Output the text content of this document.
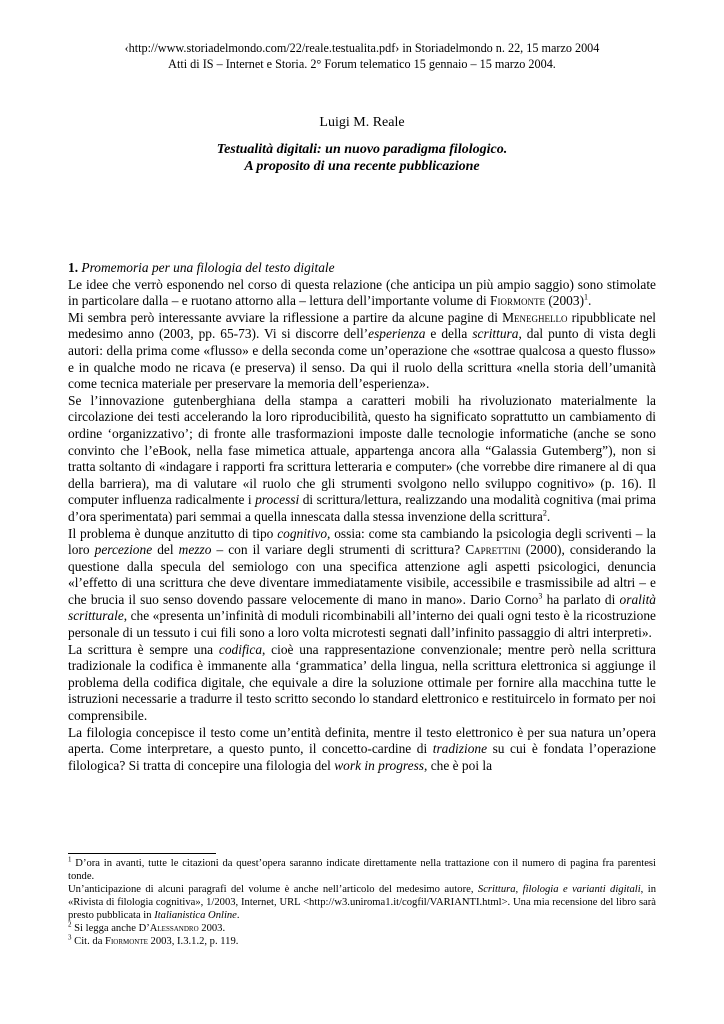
‹http://www.storiadelmondo.com/22/reale.testualita.pdf› in Storiadelmondo n. 22, 15 marzo 2004
Atti di IS – Internet e Storia. 2° Forum telematico 15 gennaio – 15 marzo 2004.
Luigi M. Reale
Testualità digitali: un nuovo paradigma filologico.
A proposito di una recente pubblicazione
1. Promemoria per una filologia del testo digitale

Le idee che verrò esponendo nel corso di questa relazione (che anticipa un più ampio saggio) sono stimolate in particolare dalla – e ruotano attorno alla – lettura dell’importante volume di Fiormonte (2003)$^1$.

Mi sembra però interessante avviare la riflessione a partire da alcune pagine di Meneghello ripubblicate nel medesimo anno (2003, pp. 65-73). Vi si discorre dell’esperienza e della scrittura, dal punto di vista degli autori: della prima come «flusso» e della seconda come un’operazione che «sottrae qualcosa a questo flusso» e in qualche modo ne ricava (e preserva) il senso. Da qui il ruolo della scrittura «nella storia dell’umanità come tecnica materiale per preservare la memoria dell’esperienza».

Se l’innovazione gutenberghiana della stampa a caratteri mobili ha rivoluzionato materialmente la circolazione dei testi accelerando la loro riproducibilità, questo ha significato soprattutto un cambiamento di ordine ‘organizzativo’; di fronte alle trasformazioni imposte dalle tecnologie informatiche (anche se sono convinto che l’eBook, nella fase mimetica attuale, appartenga ancora alla “Galassia Gutemberg”), non si tratta soltanto di «indagare i rapporti fra scrittura letteraria e computer» (che vorrebbe dire rimanere al di qua della barriera), ma di valutare «il ruolo che gli strumenti svolgono nello sviluppo cognitivo» (p. 16). Il computer influenza radicalmente i processi di scrittura/lettura, realizzando una modalità cognitiva (mai prima d’ora sperimentata) pari semmai a quella innescata dalla stessa invenzione della scrittura$^2$.

Il problema è dunque anzitutto di tipo cognitivo, ossia: come sta cambiando la psicologia degli scriventi – la loro percezione del mezzo – con il variare degli strumenti di scrittura? Caprettini (2000), considerando la questione dalla specula del semiologo con una specifica attenzione agli aspetti psicologici, denuncia «l’effetto di una scrittura che deve diventare immediatamente visibile, accessibile e trasmissibile ad altri – e che brucia il suo senso dovendo passare velocemente di mano in mano». Dario Corno$^3$ ha parlato di oralità scritturale, che «presenta un’infinità di moduli ricombinabili all’interno dei quali ogni testo è la ricostruzione personale di un tessuto i cui fili sono a loro volta microtesti segnati dall’infinito passaggio di altri interpreti».

La scrittura è sempre una codifica, cioè una rappresentazione convenzionale; mentre però nella scrittura tradizionale la codifica è immanente alla ‘grammatica’ della lingua, nella scrittura elettronica si aggiunge il problema della codifica digitale, che equivale a dire la soluzione ottimale per fornire alla macchina tutte le istruzioni necessarie a tradurre il testo scritto secondo lo standard elettronico e restituircelo in formato per noi comprensibile.

La filologia concepisce il testo come un’entità definita, mentre il testo elettronico è per sua natura un’opera aperta. Come interpretare, a questo punto, il concetto-cardine di tradizione su cui è fondata l’operazione filologica? Si tratta di concepire una filologia del work in progress, che è poi la

$^1$ D’ora in avanti, tutte le citazioni da quest’opera saranno indicate direttamente nella trattazione con il numero di pagina fra parentesi tonde.

Un’anticipazione di alcuni paragrafi del volume è anche nell’articolo del medesimo autore, Scrittura, filologia e varianti digitali, in «Rivista di filologia cognitiva», 1/2003, Internet, URL <http://w3.uniroma1.it/cogfil/VARIANTI.html>. Una mia recensione del libro sarà presto pubblicata in Italianistica Online.

$^2$ Si legga anche D’Alessandro 2003.

$^3$ Cit. da Fiormonte 2003, I.3.1.2, p. 119.
